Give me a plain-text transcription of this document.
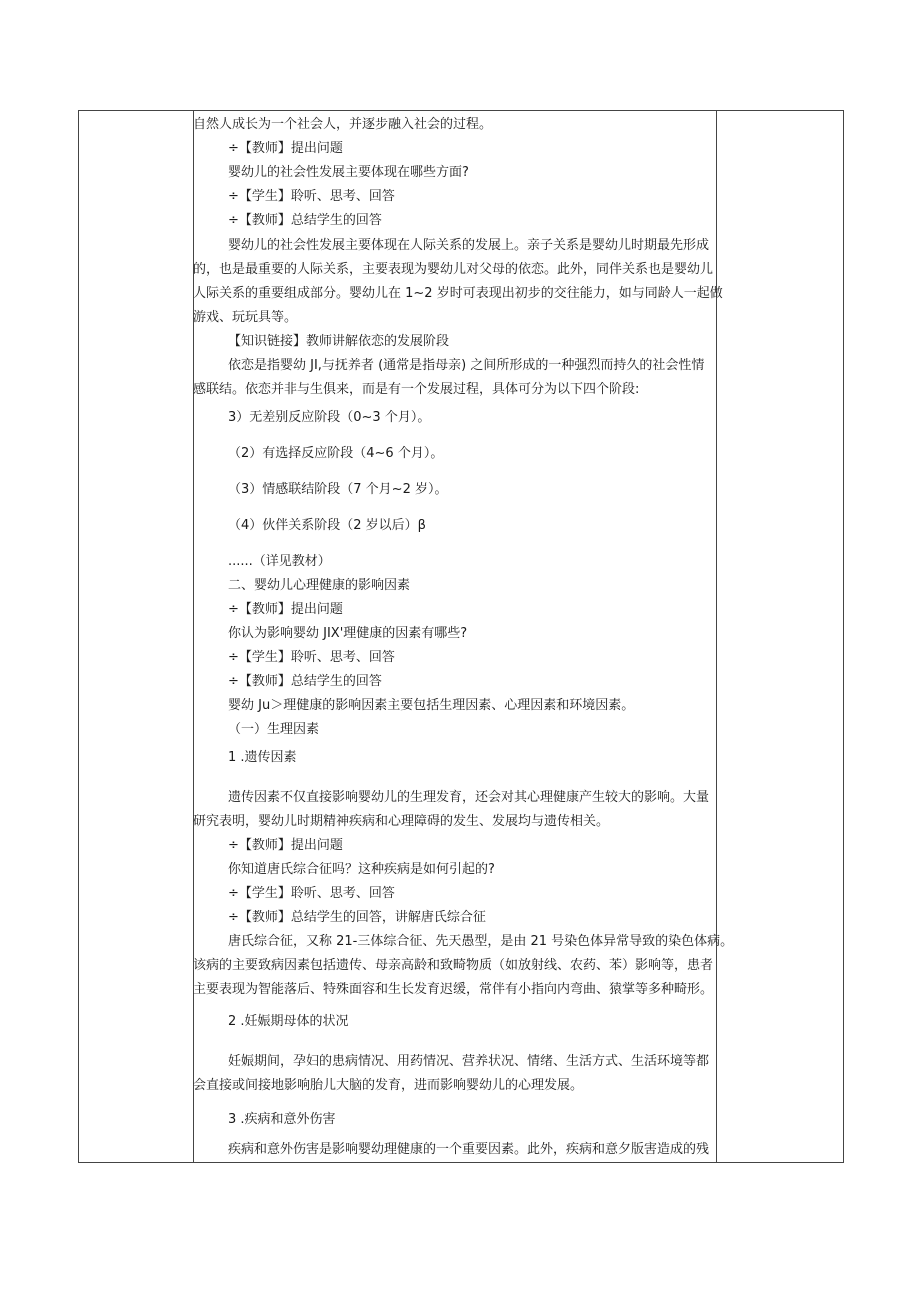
自然人成长为一个社会人，并逐步融入社会的过程。
÷【教师】提出问题
婴幼儿的社会性发展主要体现在哪些方面?
÷【学生】聆听、思考、回答
÷【教师】总结学生的回答
婴幼儿的社会性发展主要体现在人际关系的发展上。亲子关系是婴幼儿时期最先形成
的，也是最重要的人际关系，主要表现为婴幼儿对父母的依恋。此外，同伴关系也是婴幼儿
人际关系的重要组成部分。婴幼儿在 1~2 岁时可表现出初步的交往能力，如与同龄人一起做
游戏、玩玩具等。
【知识链接】教师讲解依恋的发展阶段
依恋是指婴幼 JI,与抚养者 (通常是指母亲) 之间所形成的一种强烈而持久的社会性情
感联结。依恋并非与生俱来，而是有一个发展过程，具体可分为以下四个阶段:
3）无差别反应阶段（0~3 个月）。
（2）有选择反应阶段（4~6 个月）。
（3）情感联结阶段（7 个月~2 岁）。
（4）伙伴关系阶段（2 岁以后）β
......（详见教材）
二、婴幼儿心理健康的影响因素
÷【教师】提出问题
你认为影响婴幼 JIX'理健康的因素有哪些?
÷【学生】聆听、思考、回答
÷【教师】总结学生的回答
婴幼 Ju＞理健康的影响因素主要包括生理因素、心理因素和环境因素。
（一）生理因素
1 .遗传因素
遗传因素不仅直接影响婴幼儿的生理发育，还会对其心理健康产生较大的影响。大量
研究表明，婴幼儿时期精神疾病和心理障碍的发生、发展均与遗传相关。
÷【教师】提出问题
你知道唐氏综合征吗？这种疾病是如何引起的?
÷【学生】聆听、思考、回答
÷【教师】总结学生的回答，讲解唐氏综合征
唐氏综合征，又称 21-三体综合征、先天愚型，是由 21 号染色体异常导致的染色体病。
该病的主要致病因素包括遗传、母亲高龄和致畸物质（如放射线、农药、苯）影响等，患者
主要表现为智能落后、特殊面容和生长发育迟缓，常伴有小指向内弯曲、猿掌等多种畸形。
2 .妊娠期母体的状况
妊娠期间，孕妇的患病情况、用药情况、营养状况、情绪、生活方式、生活环境等都
会直接或间接地影响胎儿大脑的发育，进而影响婴幼儿的心理发展。
3 .疾病和意外伤害
疾病和意外伤害是影响婴幼理健康的一个重要因素。此外，疾病和意夕版害造成的残
